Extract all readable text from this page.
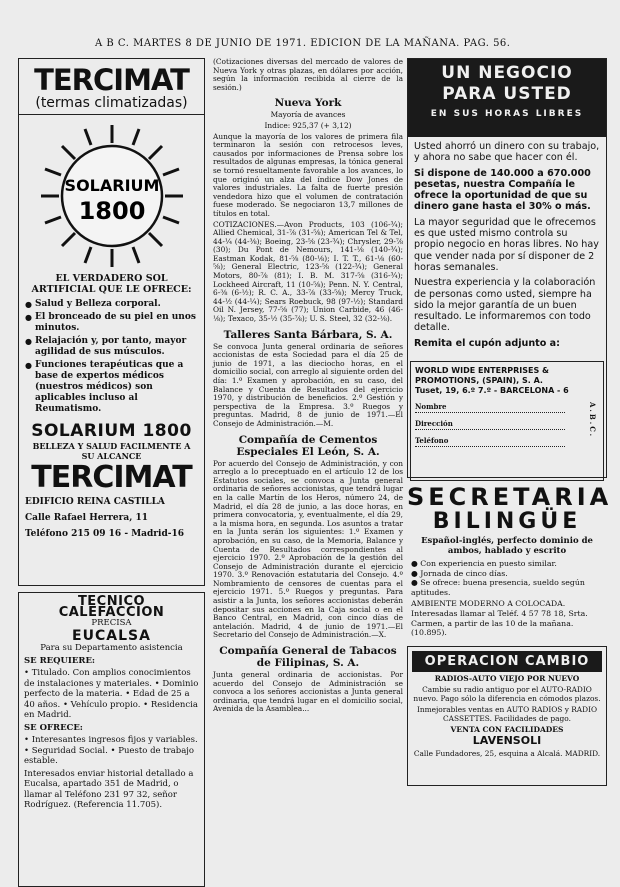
A B C. MARTES 8 DE JUNIO DE 1971. EDICION DE LA MAÑANA. PAG. 56.
TERCIMAT
(termas climatizadas)
SOLARIUM
1800
EL VERDADERO SOL ARTIFICIAL QUE LE OFRECE:
● Salud y Belleza corporal.
● El bronceado de su piel en unos minutos.
● Relajación y, por tanto, mayor agilidad de sus músculos.
● Funciones terapéuticas que a base de expertos médicos (nuestros médicos) son aplicables incluso al Reumatismo.
SOLARIUM 1800
BELLEZA Y SALUD FACILMENTE A SU ALCANCE
TERCIMAT
EDIFICIO REINA CASTILLA
Calle Rafael Herrera, 11
Teléfono 215 09 16 - Madrid-16
TECNICO CALEFACCION
PRECISA
EUCALSA
Para su Departamento asistencia

SE REQUIERE:

• Titulado. Con amplios conocimientos de instalaciones y materiales. • Dominio perfecto de la materia. • Edad de 25 a 40 años. • Vehículo propio. • Residencia en Madrid.

SE OFRECE:

• Interesantes ingresos fijos y variables. • Seguridad Social. • Puesto de trabajo estable.

Interesados enviar historial detallado a Eucalsa, apartado 351 de Madrid, o llamar al Teléfono 231 97 32, señor Rodríguez. (Referencia 11.705).

(Cotizaciones diversas del mercado de valores de Nueva York y otras plazas, en dólares por acción, según la información recibida al cierre de la sesión.)

Nueva York
Mayoría de avances
Indice: 925,37 (+ 3,12)

Aunque la mayoría de los valores de primera fila terminaron la sesión con retrocesos leves, causados por informaciones de Prensa sobre los resultados de algunas empresas, la tónica general se tornó resueltamente favorable a los avances, lo que originó un alza del índice Dow Jones de valores industriales. La falta de fuerte presión vendedora hizo que el volumen de contratación fuese moderado. Se negociaron 13,7 millones de títulos en total.

COTIZACIONES.—Avon Products, 103 (106-¾); Allied Chemical, 31-⅞ (31-⅝); American Tel & Tel, 44-¼ (44-⅜); Boeing, 23-⅝ (23-¾); Chrysler, 29-⅞ (30); Du Pont de Nemours, 141-⅛ (140-¾); Eastman Kodak, 81-⅝ (80-⅛); I. T. T., 61-⅛ (60-⅝); General Electric, 123-⅝ (122-¾); General Motors, 80-⅞ (81); I. B. M. 317-⅝ (316-¾); Lockheed Aircraft, 11 (10-⅝); Penn. N. Y. Central, 6-⅜ (6-½); R. C. A., 33-⅞ (33-⅝); Mercy Truck, 44-½ (44-¼); Sears Roebuck, 98 (97-½); Standard Oil N. Jersey, 77-⅝ (77); Union Carbide, 46 (46-⅛); Texaco, 35-½ (35-⅞); U. S. Steel, 32 (32-⅛).

Talleres Santa Bárbara, S. A.

Se convoca Junta general ordinaria de señores accionistas de esta Sociedad para el día 25 de junio de 1971, a las dieciocho horas, en el domicilio social, con arreglo al siguiente orden del día: 1.º Examen y aprobación, en su caso, del Balance y Cuenta de Resultados del ejercicio 1970, y distribución de beneficios. 2.º Gestión y perspectiva de la Empresa. 3.º Ruegos y preguntas. Madrid, 8 de junio de 1971.—El Consejo de Administración.—M.

Compañía de Cementos Especiales El León, S. A.

Por acuerdo del Consejo de Administración, y con arreglo a lo preceptuado en el artículo 12 de los Estatutos sociales, se convoca a Junta general ordinaria de señores accionistas, que tendrá lugar en la calle Martín de los Heros, número 24, de Madrid, el día 28 de junio, a las doce horas, en primera convocatoria, y, eventualmente, el día 29, a la misma hora, en segunda. Los asuntos a tratar en la Junta serán los siguientes: 1.º Examen y aprobación, en su caso, de la Memoria, Balance y Cuenta de Resultados correspondientes al ejercicio 1970. 2.º Aprobación de la gestión del Consejo de Administración durante el ejercicio 1970. 3.º Renovación estatutaria del Consejo. 4.º Nombramiento de censores de cuentas para el ejercicio 1971. 5.º Ruegos y preguntas. Para asistir a la Junta, los señores accionistas deberán depositar sus acciones en la Caja social o en el Banco Central, en Madrid, con cinco días de antelación. Madrid, 4 de junio de 1971.—El Secretario del Consejo de Administración.—X.

Compañía General de Tabacos de Filipinas, S. A.

Junta general ordinaria de accionistas. Por acuerdo del Consejo de Administración se convoca a los señores accionistas a Junta general ordinaria, que tendrá lugar en el domicilio social, Avenida de la Asamblea...

UN NEGOCIO
PARA USTED
EN SUS HORAS LIBRES

Usted ahorró un dinero con su trabajo, y ahora no sabe que hacer con él.

Si dispone de 140.000 a 670.000 pesetas, nuestra Compañía le ofrece la oportunidad de que su dinero gane hasta el 30% o más.

La mayor seguridad que le ofrecemos es que usted mismo controla su propio negocio en horas libres. No hay que vender nada por sí disponer de 2 horas semanales.

Nuestra experiencia y la colaboración de personas como usted, siempre ha sido la mejor garantía de un buen resultado. Le informaremos con todo detalle.

Remita el cupón adjunto a:

WORLD WIDE ENTERPRISES & PROMOTIONS, (SPAIN), S. A.
Tuset, 19, 6.º 7.º - BARCELONA - 6
Nombre
Dirección
Teléfono
A.B.C.
SECRETARIA
BILINGÜE
Español-inglés, perfecto dominio de ambos, hablado y escrito
● Con experiencia en puesto similar.
● Jornada de cinco días.
● Se ofrece: buena presencia, sueldo según aptitudes.
AMBIENTE MODERNO A COLOCADA. Interesadas llamar al Teléf. 4 57 78 18, Srta. Carmen, a partir de las 10 de la mañana. (10.895).
OPERACION CAMBIO
RADIOS-AUTO VIEJO POR NUEVO

Cambie su radio antiguo por el AUTO-RADIO nuevo. Pago sólo la diferencia en cómodos plazos.

Inmejorables ventas en AUTO RADIOS y RADIO CASSETTES. Facilidades de pago.

VENTA CON FACILIDADES
LAVENSOLI

Calle Fundadores, 25, esquina a Alcalá. MADRID.
